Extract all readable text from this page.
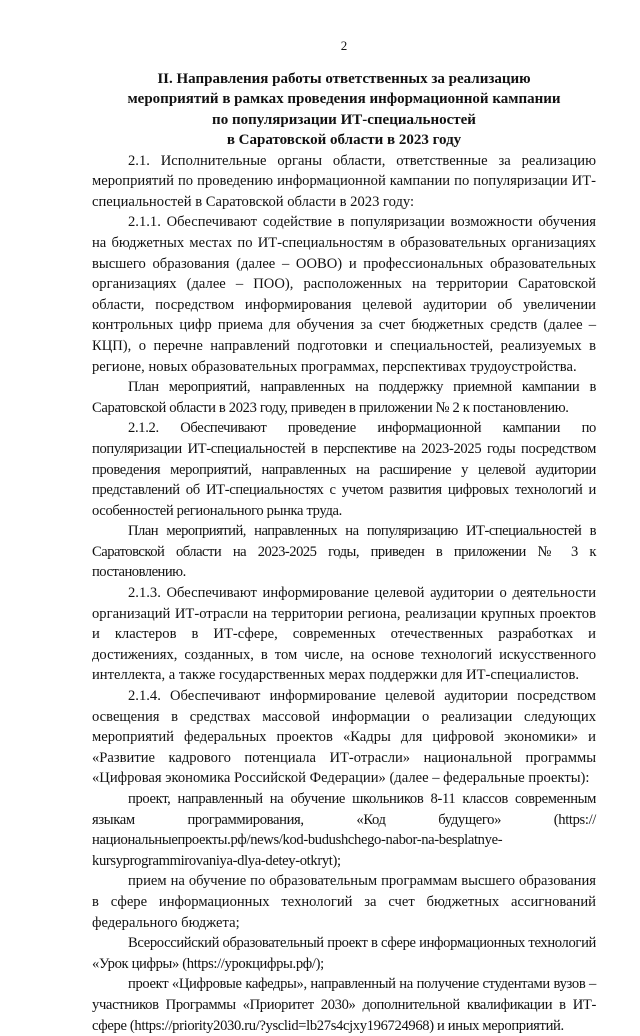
2
II. Направления работы ответственных за реализацию
мероприятий в рамках проведения информационной кампании
по популяризации ИТ-специальностей
в Саратовской области в 2023 году

2.1. Исполнительные органы области, ответственные за реализацию мероприятий по проведению информационной кампании по популяризации ИТ-специальностей в Саратовской области в 2023 году:

2.1.1. Обеспечивают содействие в популяризации возможности обучения на бюджетных местах по ИТ-специальностям в образовательных организациях высшего образования (далее – ООВО) и профессиональных образовательных организациях (далее – ПОО), расположенных на территории Саратовской области, посредством информирования целевой аудитории об увеличении контрольных цифр приема для обучения за счет бюджетных средств (далее – КЦП), о перечне направлений подготовки и специальностей, реализуемых в регионе, новых образовательных программах, перспективах трудоустройства.

План мероприятий, направленных на поддержку приемной кампании в Саратовской области в 2023 году, приведен в приложении № 2 к постановлению.

2.1.2. Обеспечивают проведение информационной кампании по популяризации ИТ-специальностей в перспективе на 2023-2025 годы посредством проведения мероприятий, направленных на расширение у целевой аудитории представлений об ИТ-специальностях с учетом развития цифровых технологий и особенностей регионального рынка труда.

План мероприятий, направленных на популяризацию ИТ-специальностей в Саратовской области на 2023-2025 годы, приведен в приложении № 3 к постановлению.

2.1.3. Обеспечивают информирование целевой аудитории о деятельности организаций ИТ-отрасли на территории региона, реализации крупных проектов и кластеров в ИТ-сфере, современных отечественных разработках и достижениях, созданных, в том числе, на основе технологий искусственного интеллекта, а также государственных мерах поддержки для ИТ-специалистов.

2.1.4. Обеспечивают информирование целевой аудитории посредством освещения в средствах массовой информации о реализации следующих мероприятий федеральных проектов «Кадры для цифровой экономики» и «Развитие кадрового потенциала ИТ-отрасли» национальной программы «Цифровая экономика Российской Федерации» (далее – федеральные проекты):

проект, направленный на обучение школьников 8-11 классов современным языкам программирования, «Код будущего» (https://национальныепроекты.рф/news/kod-budushchego-nabor-na-besplatnye-kursyprogrammirovaniya-dlya-detey-otkryt);

прием на обучение по образовательным программам высшего образования в сфере информационных технологий за счет бюджетных ассигнований федерального бюджета;

Всероссийский образовательный проект в сфере информационных технологий «Урок цифры» (https://урокцифры.рф/);

проект «Цифровые кафедры», направленный на получение студентами вузов – участников Программы «Приоритет 2030» дополнительной квалификации в ИТ-сфере (https://priority2030.ru/?ysclid=lb27s4cjxy196724968) и иных мероприятий.
